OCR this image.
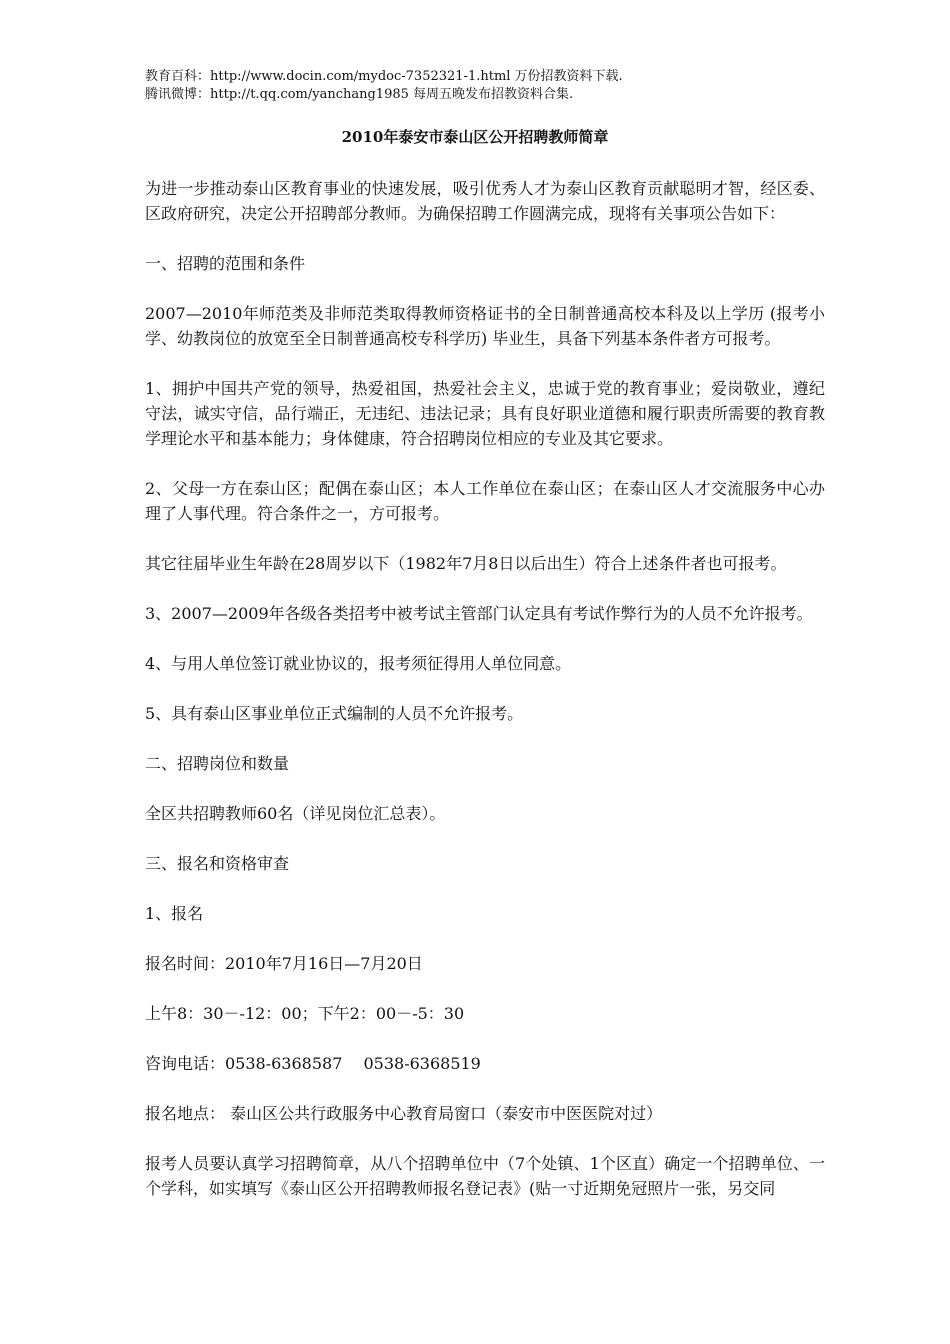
教育百科：http://www.docin.com/mydoc-7352321-1.html 万份招教资料下载.
腾讯微博：http://t.qq.com/yanchang1985 每周五晚发布招教资料合集.
2010年泰安市泰山区公开招聘教师简章

为进一步推动泰山区教育事业的快速发展，吸引优秀人才为泰山区教育贡献聪明才智，经区委、区政府研究，决定公开招聘部分教师。为确保招聘工作圆满完成，现将有关事项公告如下：

一、招聘的范围和条件

2007—2010年师范类及非师范类取得教师资格证书的全日制普通高校本科及以上学历 (报考小学、幼教岗位的放宽至全日制普通高校专科学历) 毕业生，具备下列基本条件者方可报考。

1、拥护中国共产党的领导，热爱祖国，热爱社会主义，忠诚于党的教育事业；爱岗敬业，遵纪守法，诚实守信，品行端正，无违纪、违法记录；具有良好职业道德和履行职责所需要的教育教学理论水平和基本能力；身体健康，符合招聘岗位相应的专业及其它要求。

2、父母一方在泰山区；配偶在泰山区；本人工作单位在泰山区；在泰山区人才交流服务中心办理了人事代理。符合条件之一，方可报考。

其它往届毕业生年龄在28周岁以下（1982年7月8日以后出生）符合上述条件者也可报考。

3、2007—2009年各级各类招考中被考试主管部门认定具有考试作弊行为的人员不允许报考。

4、与用人单位签订就业协议的，报考须征得用人单位同意。

5、具有泰山区事业单位正式编制的人员不允许报考。

二、招聘岗位和数量

全区共招聘教师60名（详见岗位汇总表）。

三、报名和资格审查

1、报名

报名时间：2010年7月16日—7月20日

上午8：30－-12：00；下午2：00－-5：30

咨询电话：0538-6368587　 0538-6368519

报名地点： 泰山区公共行政服务中心教育局窗口（泰安市中医医院对过）

报考人员要认真学习招聘简章，从八个招聘单位中（7个处镇、1个区直）确定一个招聘单位、一个学科，如实填写《泰山区公开招聘教师报名登记表》(贴一寸近期免冠照片一张，另交同
